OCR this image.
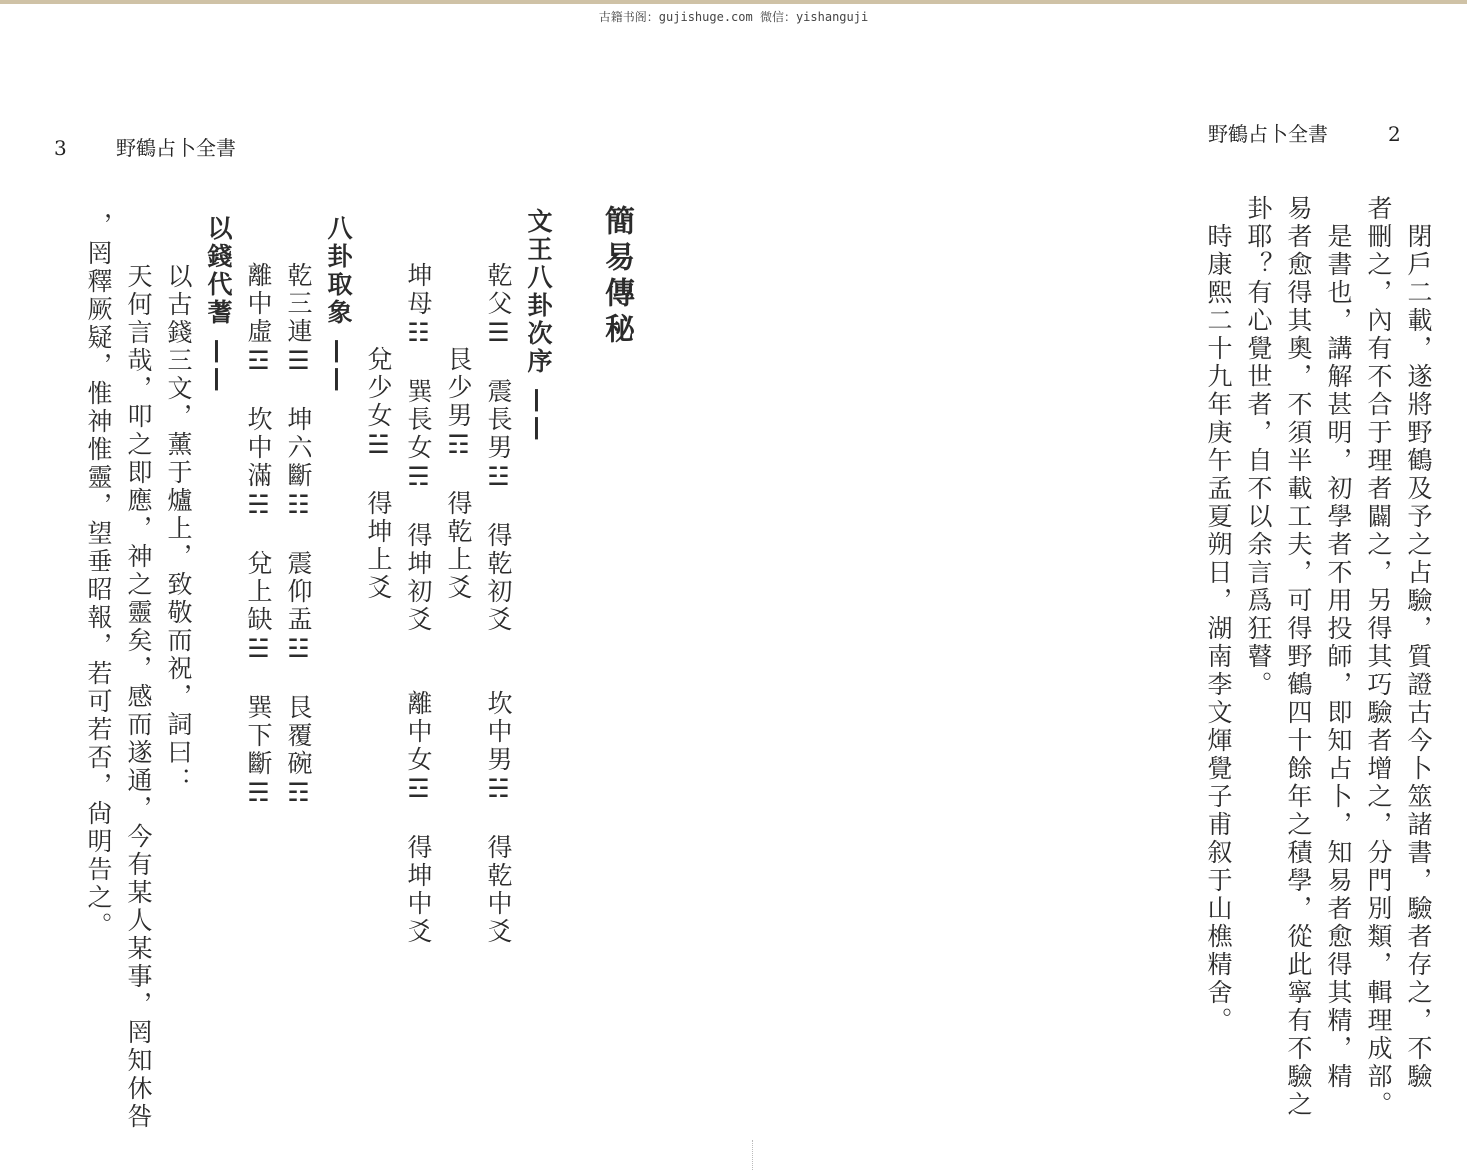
古籍书阁：gujishuge.com 微信：yishanguji
3 野鶴占卜全書
簡易傳秘
文王八卦次序 ——
乾父☰　震長男☳　得乾初爻　　坎中男☵　得乾中爻
　　　艮少男☶　得乾上爻
坤母☷　巽長女☴　得坤初爻　　離中女☲　得坤中爻
　　　兌少女☱　得坤上爻
八卦取象 ——
乾三連☰　坤六斷☷　震仰盂☳　艮覆碗☶
離中虛☲　坎中滿☵　兌上缺☱　巽下斷☴
以錢代蓍 ——
　以古錢三文，薰于爐上，致敬而祝，詞曰：
　天何言哉，叩之即應，神之靈矣，感而遂通，今有某人某事，罔知休咎
，罔釋厥疑，惟神惟靈，望垂昭報，若可若否，尙明告之。
野鶴占卜全書	2
　閉戶二載，遂將野鶴及予之占驗，質證古今卜筮諸書，驗者存之，不驗
者刪之，內有不合于理者闢之，另得其巧驗者增之，分門別類，輯理成部。
　是書也，講解甚明，初學者不用投師，即知占卜，知易者愈得其精，精
易者愈得其奧，不須半載工夫，可得野鶴四十餘年之積學，從此寧有不驗之
卦耶？有心覺世者，自不以余言爲狂瞽。
　時康熙二十九年庚午孟夏朔日，湖南李文煇覺子甫叙于山樵精舍。
